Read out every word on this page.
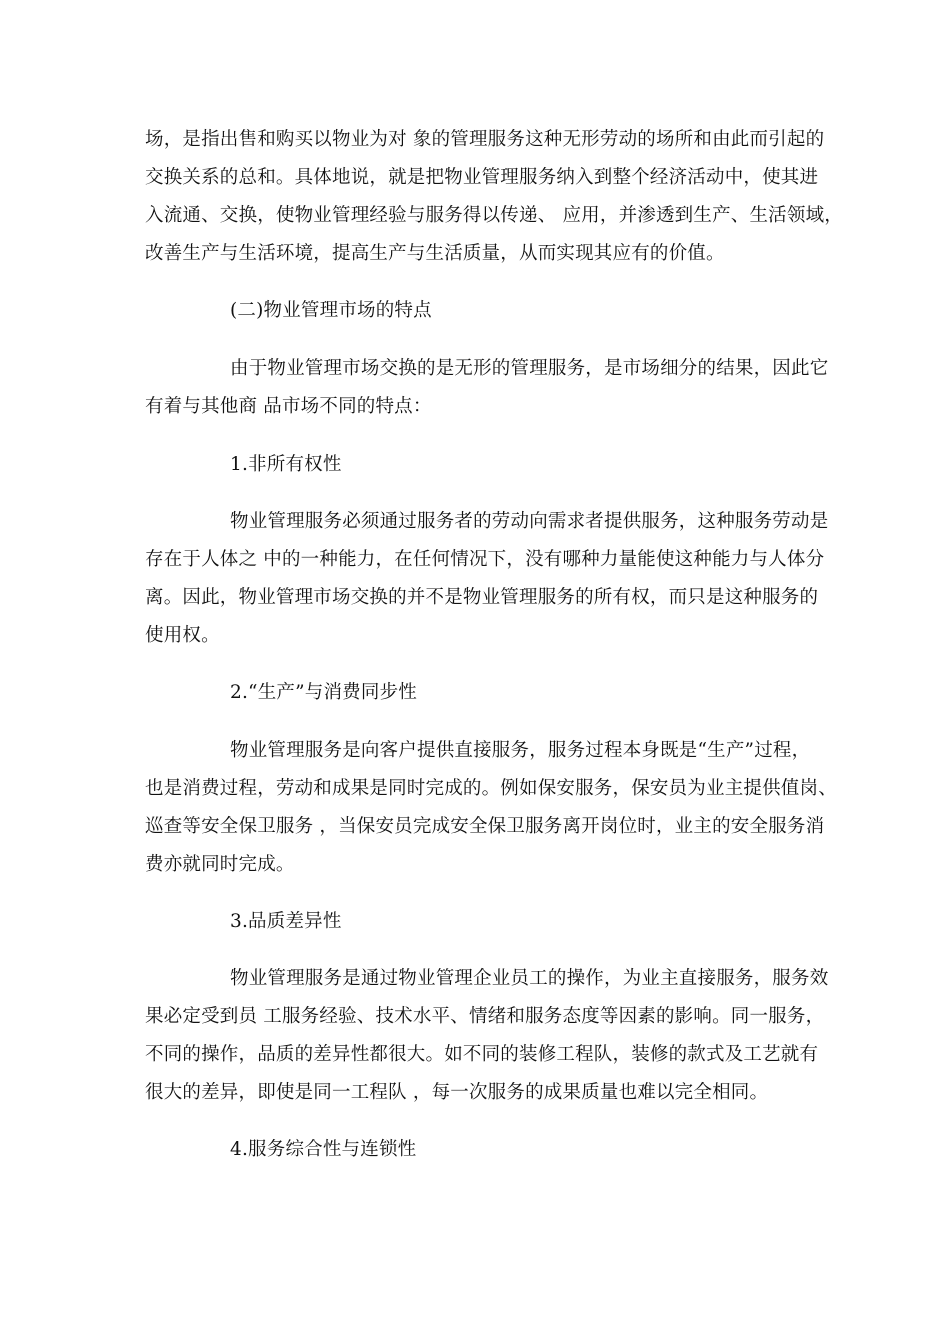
场，是指出售和购买以物业为对 象的管理服务这种无形劳动的场所和由此而引起的
交换关系的总和。具体地说，就是把物业管理服务纳入到整个经济活动中，使其进
入流通、交换，使物业管理经验与服务得以传递、 应用，并渗透到生产、生活领域，
改善生产与生活环境，提高生产与生活质量，从而实现其应有的价值。
(二)物业管理市场的特点
由于物业管理市场交换的是无形的管理服务，是市场细分的结果，因此它
有着与其他商 品市场不同的特点：
1.非所有权性
物业管理服务必须通过服务者的劳动向需求者提供服务，这种服务劳动是
存在于人体之 中的一种能力，在任何情况下，没有哪种力量能使这种能力与人体分
离。因此，物业管理市场交换的并不是物业管理服务的所有权，而只是这种服务的
使用权。
2.“生产”与消费同步性
物业管理服务是向客户提供直接服务，服务过程本身既是“生产”过程，
也是消费过程，劳动和成果是同时完成的。例如保安服务，保安员为业主提供值岗、
巡查等安全保卫服务 ，当保安员完成安全保卫服务离开岗位时，业主的安全服务消
费亦就同时完成。
3.品质差异性
物业管理服务是通过物业管理企业员工的操作，为业主直接服务，服务效
果必定受到员 工服务经验、技术水平、情绪和服务态度等因素的影响。同一服务，
不同的操作，品质的差异性都很大。如不同的装修工程队，装修的款式及工艺就有
很大的差异，即使是同一工程队 ，每一次服务的成果质量也难以完全相同。
4.服务综合性与连锁性
